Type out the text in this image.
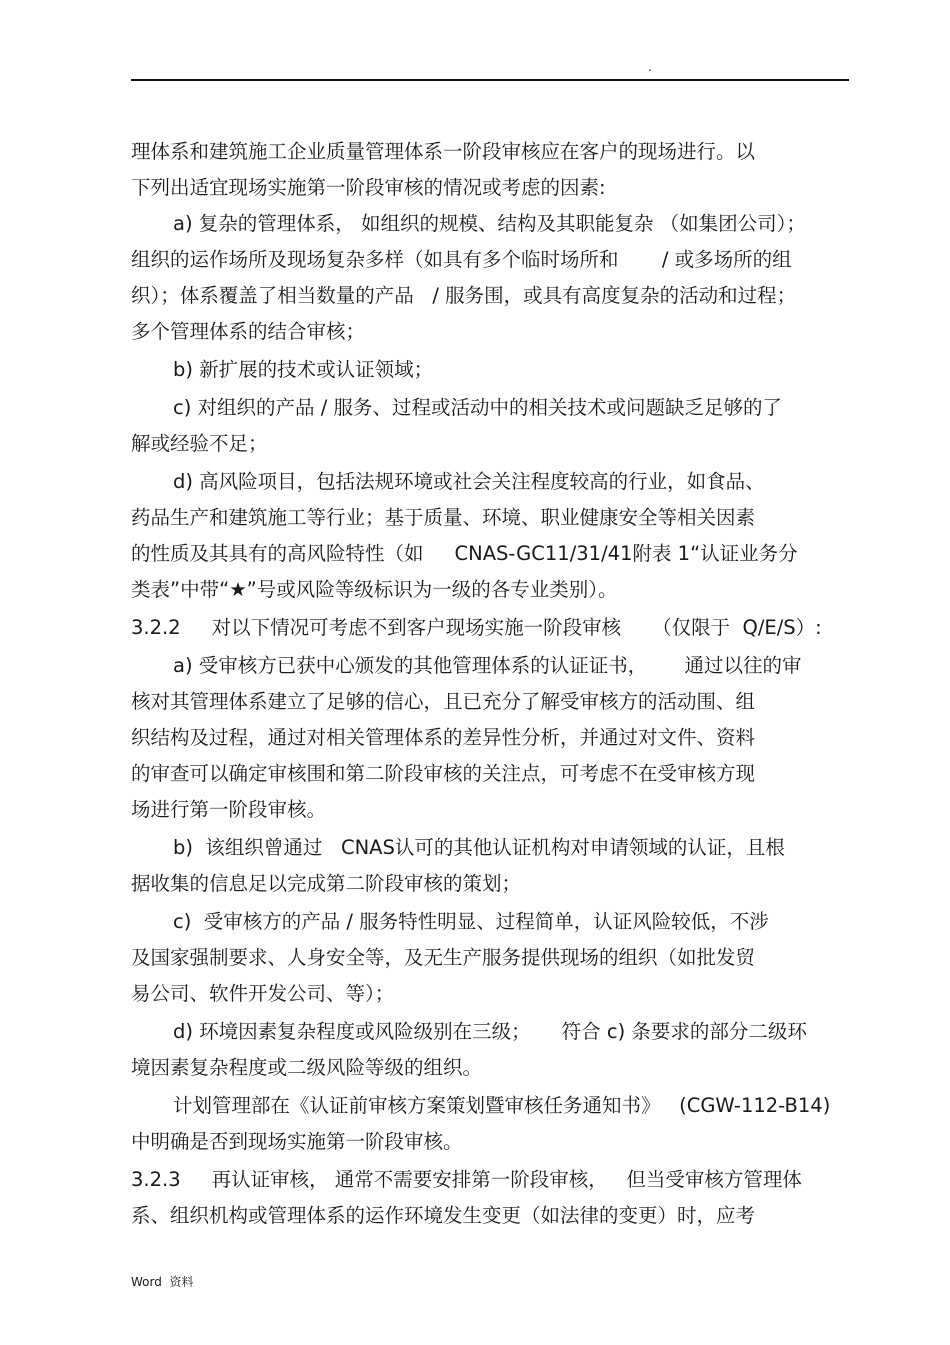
.
理体系和建筑施工企业质量管理体系一阶段审核应在客户的现场进行。以
下列出适宜现场实施第一阶段审核的情况或考虑的因素:
a) 复杂的管理体系， 如组织的规模、结构及其职能复杂 （如集团公司）；
组织的运作场所及现场复杂多样（如具有多个临时场所和       / 或多场所的组
织）；体系覆盖了相当数量的产品   / 服务围，或具有高度复杂的活动和过程；
多个管理体系的结合审核；
b) 新扩展的技术或认证领域；
c) 对组织的产品 / 服务、过程或活动中的相关技术或问题缺乏足够的了
解或经验不足；
d) 高风险项目，包括法规环境或社会关注程度较高的行业，如食品、
药品生产和建筑施工等行业；基于质量、环境、职业健康安全等相关因素
的性质及其具有的高风险特性（如     CNAS-GC11/31/41附表 1“认证业务分
类表”中带“★”号或风险等级标识为一级的各专业类别）。
3.2.2     对以下情况可考虑不到客户现场实施一阶段审核     （仅限于  Q/E/S）:
a) 受审核方已获中心颁发的其他管理体系的认证证书，      通过以往的审
核对其管理体系建立了足够的信心，且已充分了解受审核方的活动围、组
织结构及过程，通过对相关管理体系的差异性分析，并通过对文件、资料
的审查可以确定审核围和第二阶段审核的关注点，可考虑不在受审核方现
场进行第一阶段审核。
b)  该组织曾通过   CNAS认可的其他认证机构对申请领域的认证，且根
据收集的信息足以完成第二阶段审核的策划；
c)  受审核方的产品 / 服务特性明显、过程简单，认证风险较低，不涉
及国家强制要求、人身安全等，及无生产服务提供现场的组织（如批发贸
易公司、软件开发公司、等）；
d) 环境因素复杂程度或风险级别在三级；     符合 c) 条要求的部分二级环
境因素复杂程度或二级风险等级的组织。
计划管理部在《认证前审核方案策划暨审核任务通知书》   (CGW-112-B14)
中明确是否到现场实施第一阶段审核。
3.2.3     再认证审核， 通常不需要安排第一阶段审核，   但当受审核方管理体
系、组织机构或管理体系的运作环境发生变更（如法律的变更）时，应考
Word  资料
